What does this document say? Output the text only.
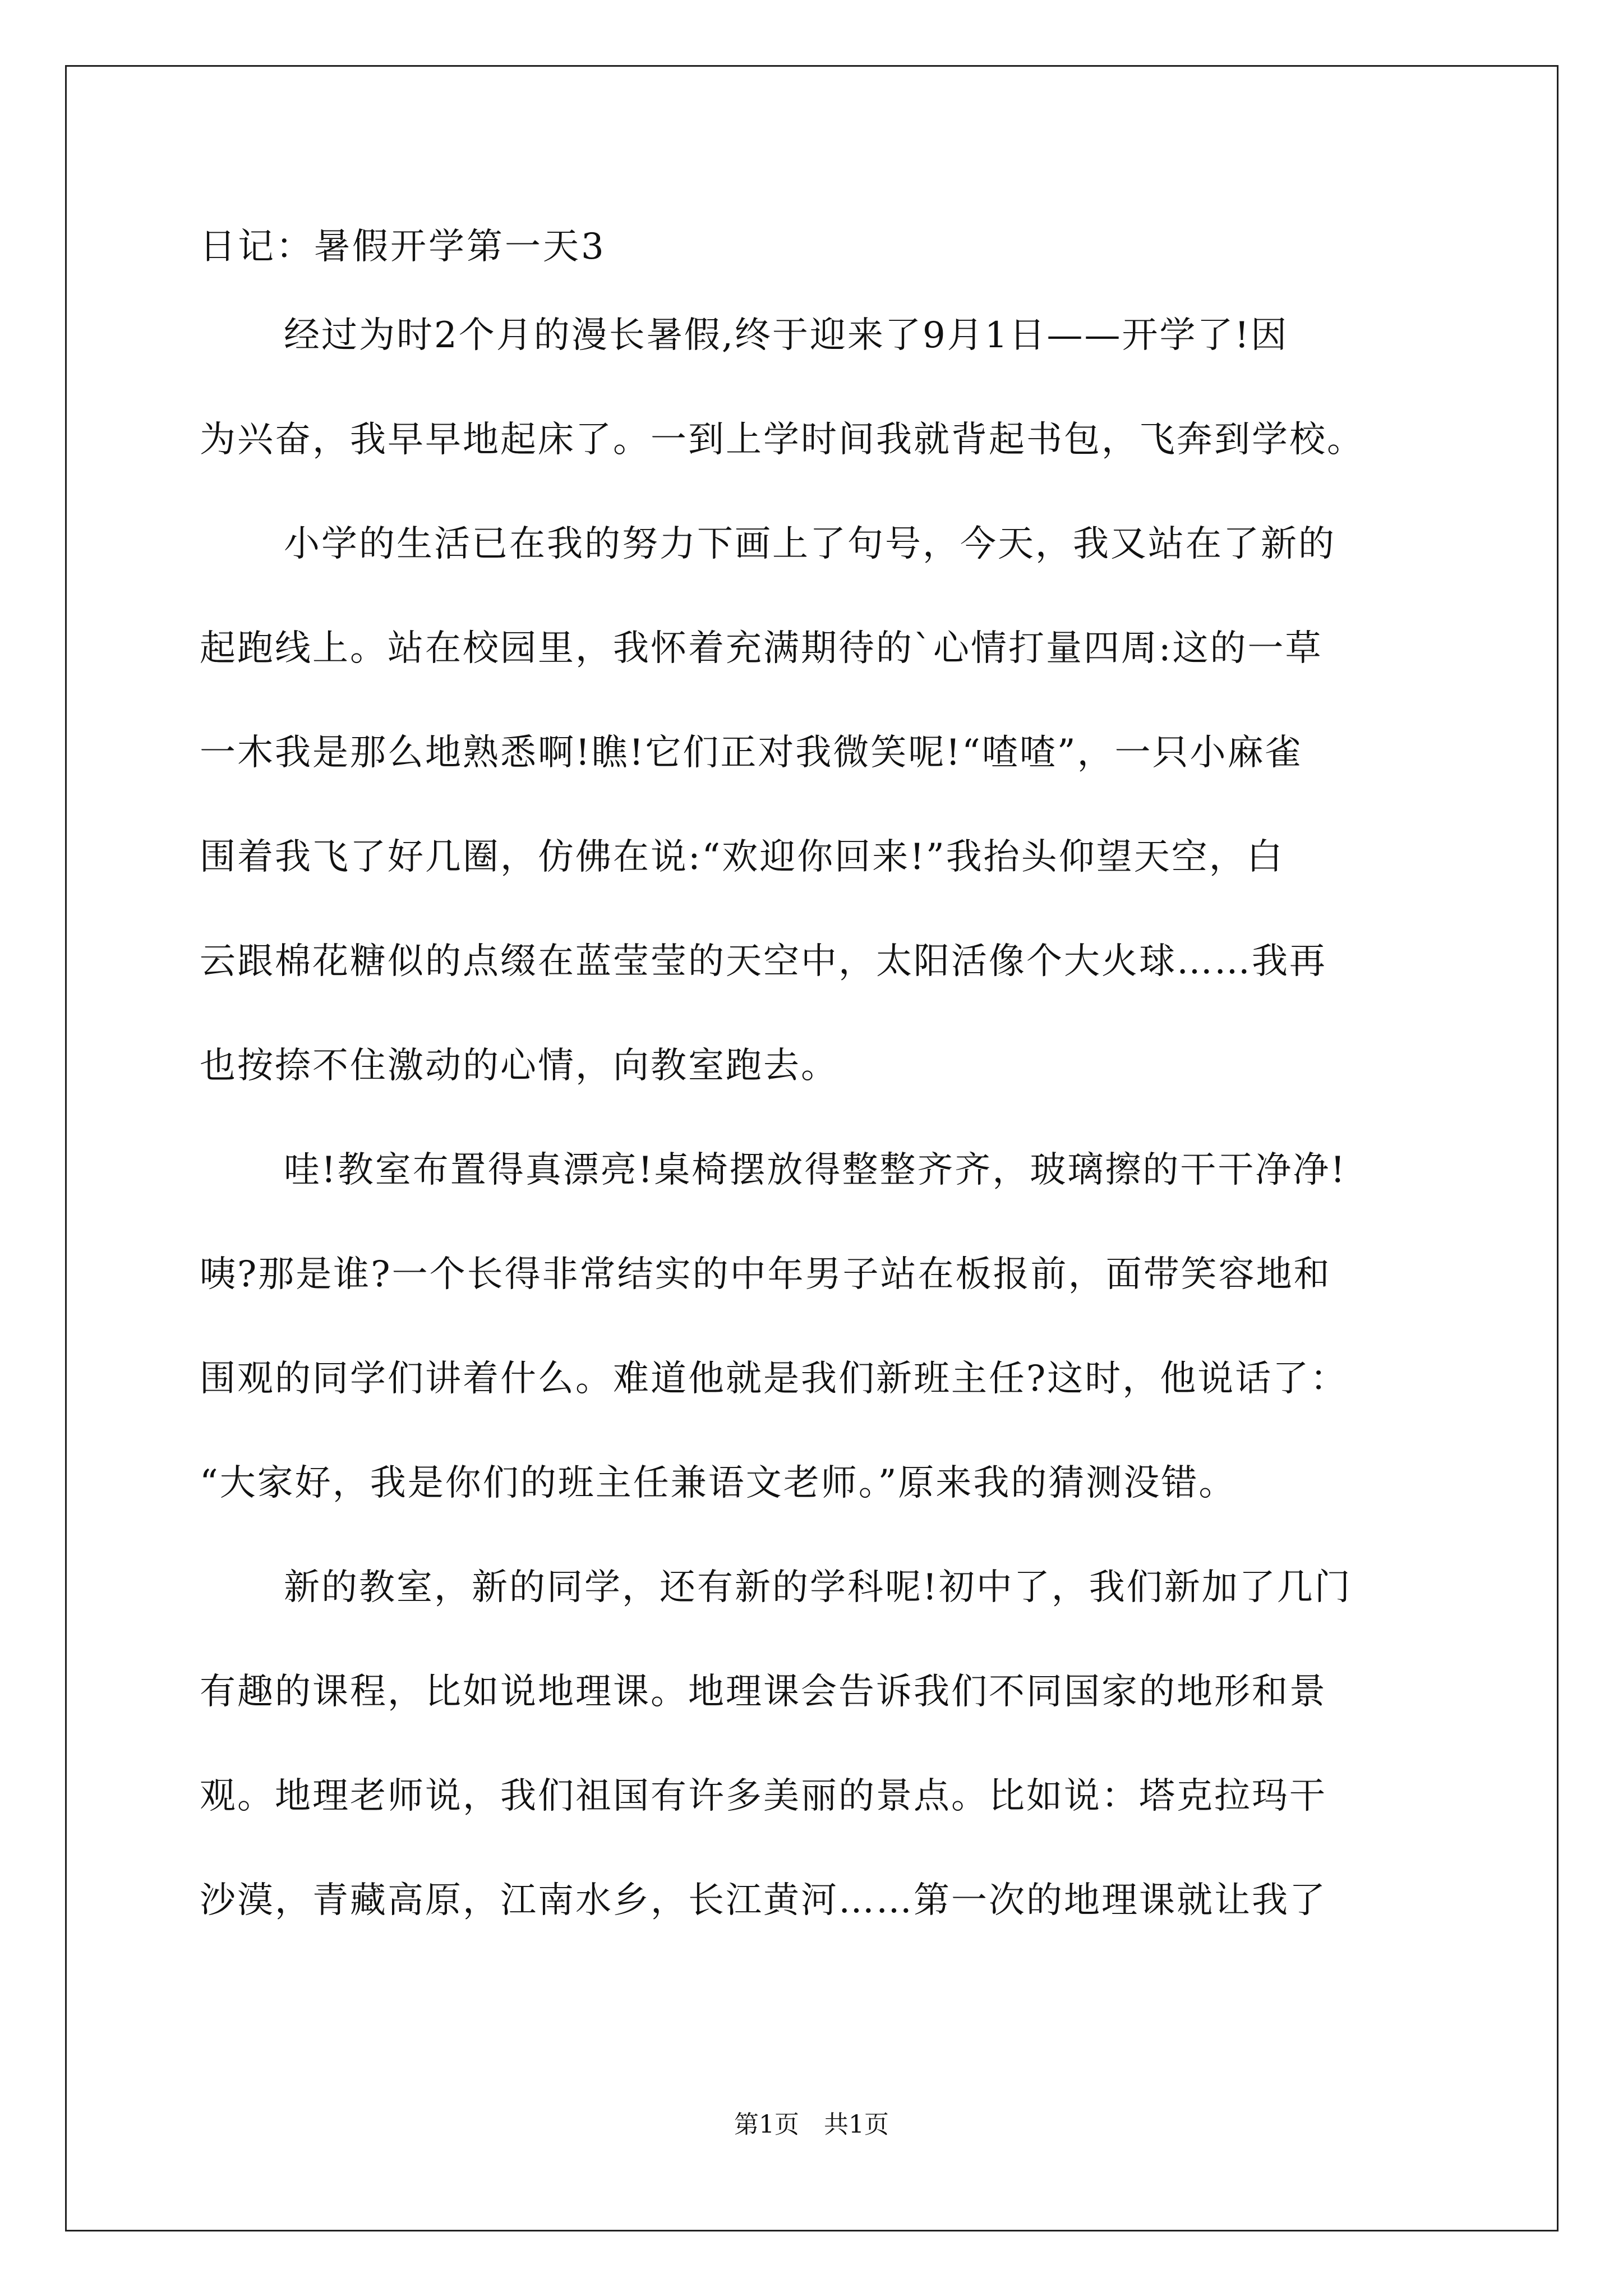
日记：暑假开学第一天3
经过为时2个月的漫长暑假,终于迎来了9月1日——开学了!因
为兴奋，我早早地起床了。一到上学时间我就背起书包，飞奔到学校。
小学的生活已在我的努力下画上了句号，今天，我又站在了新的
起跑线上。站在校园里，我怀着充满期待的`心情打量四周:这的一草
一木我是那么地熟悉啊!瞧!它们正对我微笑呢!“喳喳”，一只小麻雀
围着我飞了好几圈，仿佛在说:“欢迎你回来!”我抬头仰望天空，白
云跟棉花糖似的点缀在蓝莹莹的天空中，太阳活像个大火球……我再
也按捺不住激动的心情，向教室跑去。
哇!教室布置得真漂亮!桌椅摆放得整整齐齐，玻璃擦的干干净净!
咦?那是谁?一个长得非常结实的中年男子站在板报前，面带笑容地和
围观的同学们讲着什么。难道他就是我们新班主任?这时，他说话了：
“大家好，我是你们的班主任兼语文老师。”原来我的猜测没错。
新的教室，新的同学，还有新的学科呢!初中了，我们新加了几门
有趣的课程，比如说地理课。地理课会告诉我们不同国家的地形和景
观。地理老师说，我们祖国有许多美丽的景点。比如说：塔克拉玛干
沙漠，青藏高原，江南水乡，长江黄河……第一次的地理课就让我了
第1页　共1页
